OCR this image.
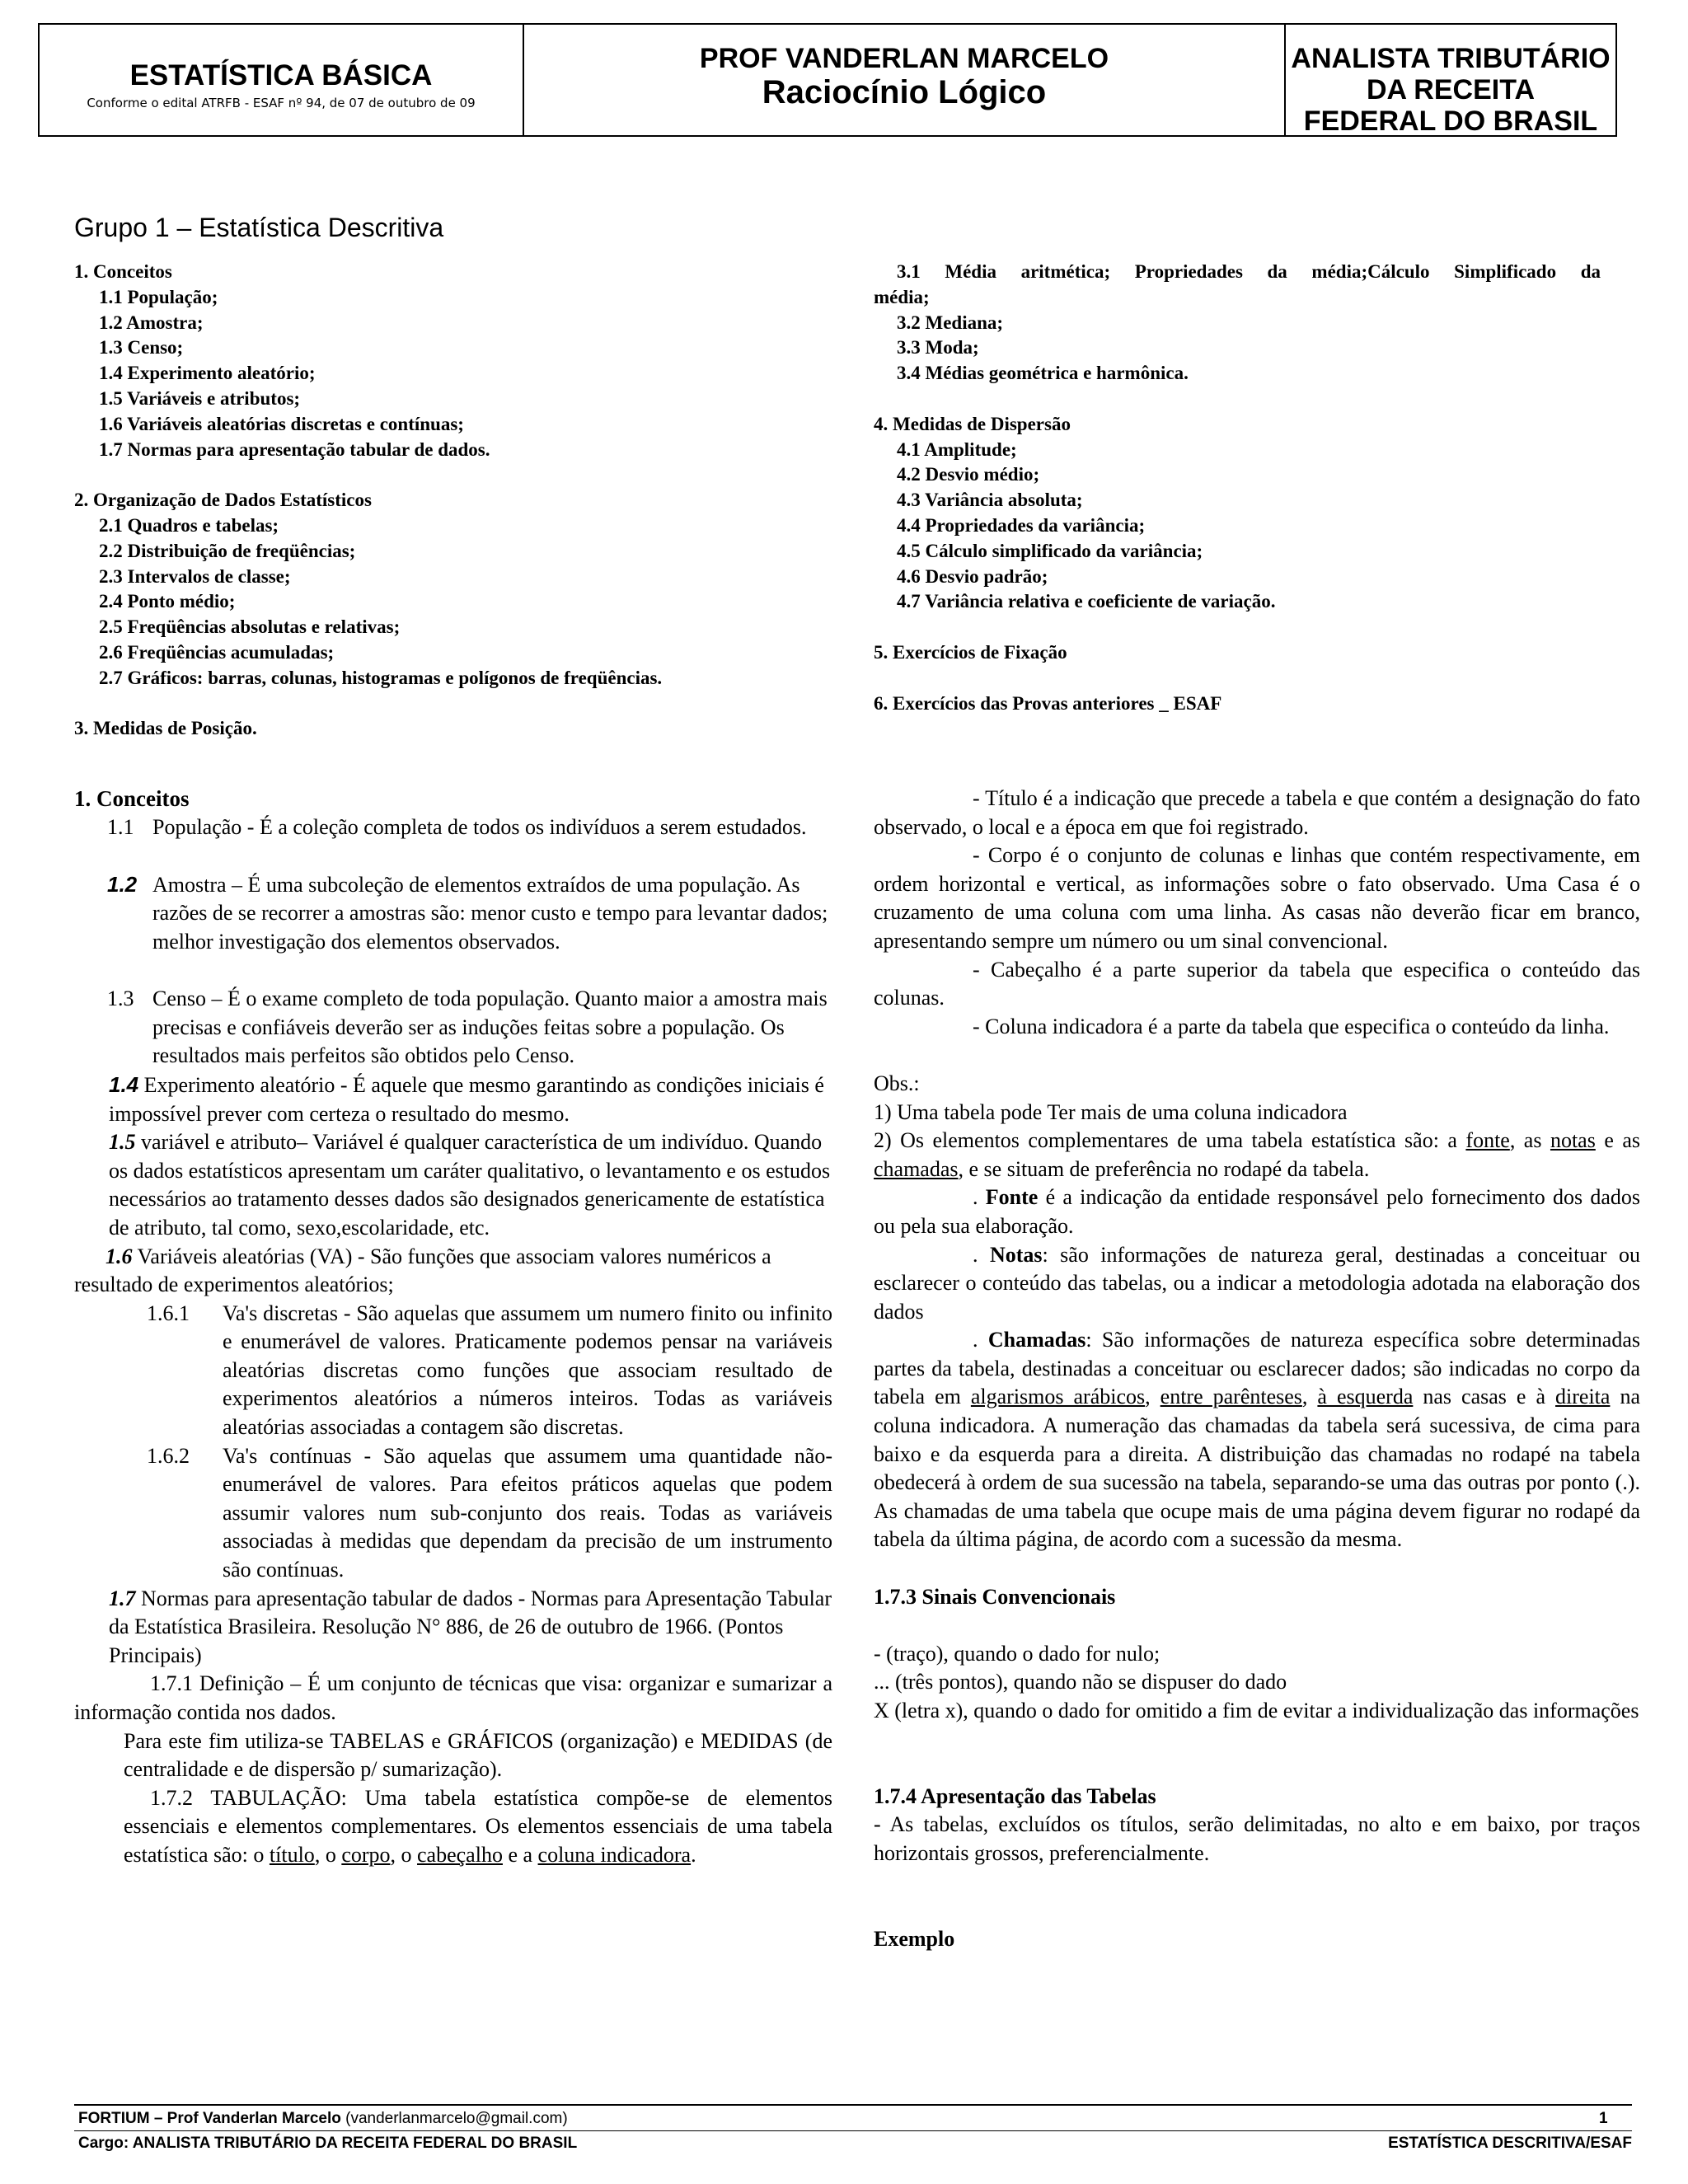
ESTATÍSTICA BÁSICA
Conforme o edital ATRFB - ESAF nº 94, de 07 de outubro de 09
PROF VANDERLAN MARCELO
Raciocínio Lógico
ANALISTA TRIBUTÁRIO
DA RECEITA
FEDERAL DO BRASIL
Grupo 1 – Estatística Descritiva
1. Conceitos
1.1 População;
1.2 Amostra;
1.3 Censo;
1.4 Experimento aleatório;
1.5 Variáveis e atributos;
1.6 Variáveis aleatórias discretas e contínuas;
1.7 Normas para apresentação tabular de dados.
2. Organização de Dados Estatísticos
2.1 Quadros e tabelas;
2.2 Distribuição de freqüências;
2.3 Intervalos de classe;
2.4 Ponto médio;
2.5 Freqüências absolutas e relativas;
2.6 Freqüências acumuladas;
2.7 Gráficos: barras, colunas, histogramas e polígonos de freqüências.
3. Medidas de Posição.
3.1 Média aritmética; Propriedades da média;Cálculo Simplificado da
média;
3.2 Mediana;
3.3 Moda;
3.4 Médias geométrica e harmônica.
4. Medidas de Dispersão
4.1 Amplitude;
4.2 Desvio médio;
4.3 Variância absoluta;
4.4 Propriedades da variância;
4.5 Cálculo simplificado da variância;
4.6 Desvio padrão;
4.7 Variância relativa e coeficiente de variação.
5. Exercícios de Fixação
6. Exercícios das Provas anteriores _ ESAF

1. Conceitos

1.1 População - É a coleção completa de todos os indivíduos a serem estudados.

1.2 Amostra – É uma subcoleção de elementos extraídos de uma população. As razões de se recorrer a amostras são: menor custo e tempo para levantar dados; melhor investigação dos elementos observados.

1.3 Censo – É o exame completo de toda população. Quanto maior a amostra mais precisas e confiáveis deverão ser as induções feitas sobre a população. Os resultados mais perfeitos são obtidos pelo Censo.

1.4 Experimento aleatório - É aquele que mesmo garantindo as condições iniciais é impossível prever com certeza o resultado do mesmo.

1.5 variável e atributo– Variável é qualquer característica de um indivíduo. Quando os dados estatísticos apresentam um caráter qualitativo, o levantamento e os estudos necessários ao tratamento desses dados são designados genericamente de estatística de atributo, tal como, sexo,escolaridade, etc.

1.6 Variáveis aleatórias (VA) - São funções que associam valores numéricos a resultado de experimentos aleatórios;

1.6.1 Va's discretas - São aquelas que assumem um numero finito ou infinito e enumerável de valores. Praticamente podemos pensar na variáveis aleatórias discretas como funções que associam resultado de experimentos aleatórios a números inteiros. Todas as variáveis aleatórias associadas a contagem são discretas.

1.6.2 Va's contínuas - São aquelas que assumem uma quantidade não-enumerável de valores. Para efeitos práticos aquelas que podem assumir valores num sub-conjunto dos reais. Todas as variáveis associadas à medidas que dependam da precisão de um instrumento são contínuas.

1.7 Normas para apresentação tabular de dados - Normas para Apresentação Tabular da Estatística Brasileira. Resolução N° 886, de 26 de outubro de 1966. (Pontos Principais)

1.7.1 Definição – É um conjunto de técnicas que visa: organizar e sumarizar a informação contida nos dados.

Para este fim utiliza-se TABELAS e GRÁFICOS (organização) e MEDIDAS (de centralidade e de dispersão p/ sumarização).

1.7.2 TABULAÇÃO: Uma tabela estatística compõe-se de elementos essenciais e elementos complementares. Os elementos essenciais de uma tabela estatística são: o título, o corpo, o cabeçalho e a coluna indicadora.

- Título é a indicação que precede a tabela e que contém a designação do fato observado, o local e a época em que foi registrado.

- Corpo é o conjunto de colunas e linhas que contém respectivamente, em ordem horizontal e vertical, as informações sobre o fato observado. Uma Casa é o cruzamento de uma coluna com uma linha. As casas não deverão ficar em branco, apresentando sempre um número ou um sinal convencional.

- Cabeçalho é a parte superior da tabela que especifica o conteúdo das colunas.

- Coluna indicadora é a parte da tabela que especifica o conteúdo da linha.

Obs.:

1) Uma tabela pode Ter mais de uma coluna indicadora

2) Os elementos complementares de uma tabela estatística são: a fonte, as notas e as chamadas, e se situam de preferência no rodapé da tabela.

. Fonte é a indicação da entidade responsável pelo fornecimento dos dados ou pela sua elaboração.

. Notas: são informações de natureza geral, destinadas a conceituar ou esclarecer o conteúdo das tabelas, ou a indicar a metodologia adotada na elaboração dos dados

. Chamadas: São informações de natureza específica sobre determinadas partes da tabela, destinadas a conceituar ou esclarecer dados; são indicadas no corpo da tabela em algarismos arábicos, entre parênteses, à esquerda nas casas e à direita na coluna indicadora. A numeração das chamadas da tabela será sucessiva, de cima para baixo e da esquerda para a direita. A distribuição das chamadas no rodapé na tabela obedecerá à ordem de sua sucessão na tabela, separando-se uma das outras por ponto (.). As chamadas de uma tabela que ocupe mais de uma página devem figurar no rodapé da tabela da última página, de acordo com a sucessão da mesma.

1.7.3 Sinais Convencionais

- (traço), quando o dado for nulo;

... (três pontos), quando não se dispuser do dado

X (letra x), quando o dado for omitido a fim de evitar a individualização das informações

1.7.4 Apresentação das Tabelas

- As tabelas, excluídos os títulos, serão delimitadas, no alto e em baixo, por traços horizontais grossos, preferencialmente.

Exemplo

FORTIUM – Prof Vanderlan Marcelo (vanderlanmarcelo@gmail.com)	1
Cargo: ANALISTA TRIBUTÁRIO DA RECEITA FEDERAL DO BRASIL	ESTATÍSTICA DESCRITIVA/ESAF
